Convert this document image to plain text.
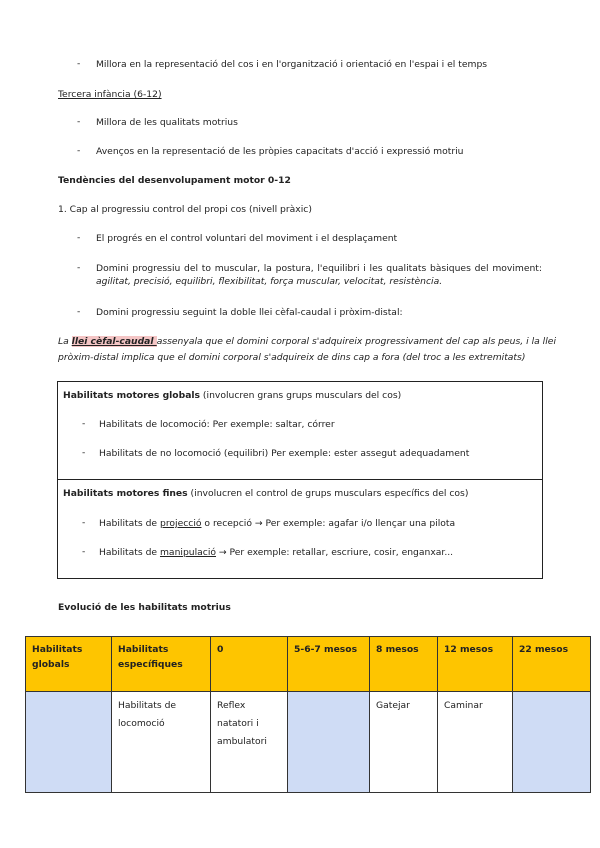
- Millora en la representació del cos i en l'organització i orientació en l'espai i el temps
Tercera infància (6-12)
- Millora de les qualitats motrius
- Avenços en la representació de les pròpies capacitats d'acció i expressió motriu
Tendències del desenvolupament motor 0-12
1. Cap al progressiu control del propi cos (nivell pràxic)
- El progrés en el control voluntari del moviment i el desplaçament
- Domini progressiu del to muscular, la postura, l'equilibri i les qualitats bàsiques del moviment: agilitat, precisió, equilibri, flexibilitat, força muscular, velocitat, resistència.
- Domini progressiu seguint la doble llei cèfal-caudal i pròxim-distal:
La llei cèfal-caudal assenyala que el domini corporal s'adquireix progressivament del cap als peus, i la llei
pròxim-distal implica que el domini corporal s'adquireix de dins cap a fora (del troc a les extremitats)
Habilitats motores globals (involucren grans grups musculars del cos)
- Habilitats de locomoció: Per exemple: saltar, córrer
- Habilitats de no locomoció (equilibri) Per exemple: ester assegut adequadament
Habilitats motores fines (involucren el control de grups musculars específics del cos)
- Habilitats de projecció o recepció → Per exemple: agafar i/o llençar una pilota
- Habilitats de manipulació → Per exemple: retallar, escriure, cosir, enganxar...
Evolució de les habilitats motrius
Habilitats globals	Habilitats específiques	0	5-6-7 mesos	8 mesos	12 mesos	22 mesos
	Habilitats de locomoció	Reflex natatori i ambulatori		Gatejar	Caminar	
